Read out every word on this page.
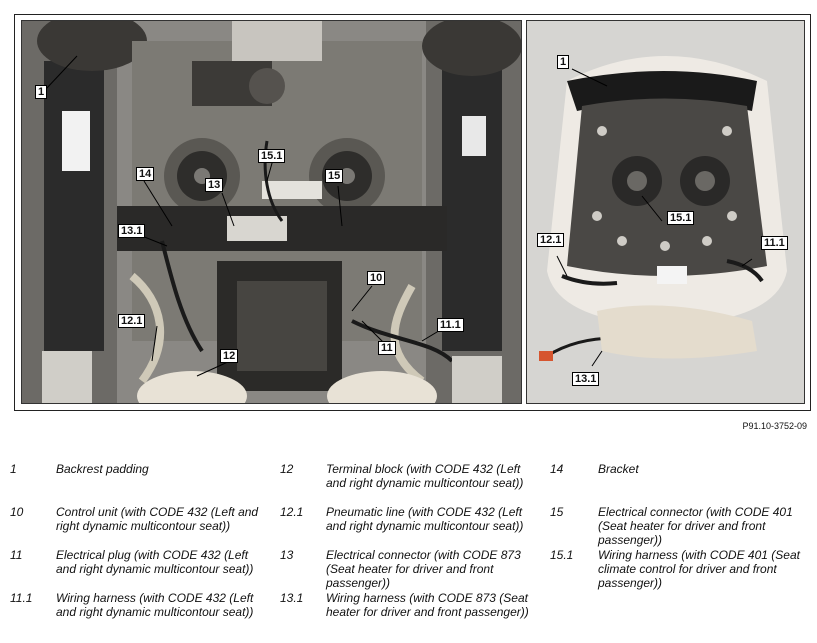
1
14
13
15.1
15
13.1
10
12.1	11.1
11
12
1
15.1
12.1	11.1
13.1
P91.10-3752-09
1	Backrest padding
10	Control unit (with CODE 432 (Left and right dynamic multicontour seat))
11	Electrical plug (with CODE 432 (Left and right dynamic multicontour seat))
11.1 Wiring harness (with CODE 432 (Left and right dynamic multicontour seat))
12	Terminal block (with CODE 432 (Left and right dynamic multicontour seat))
12.1 Pneumatic line (with CODE 432 (Left and right dynamic multicontour seat))
13	Electrical connector (with CODE 873 (Seat heater for driver and front passenger))
13.1 Wiring harness (with CODE 873 (Seat heater for driver and front passenger))
14	Bracket
15	Electrical connector (with CODE 401 (Seat heater for driver and front passenger))
15.1 Wiring harness (with CODE 401 (Seat climate control for driver and front passenger))
